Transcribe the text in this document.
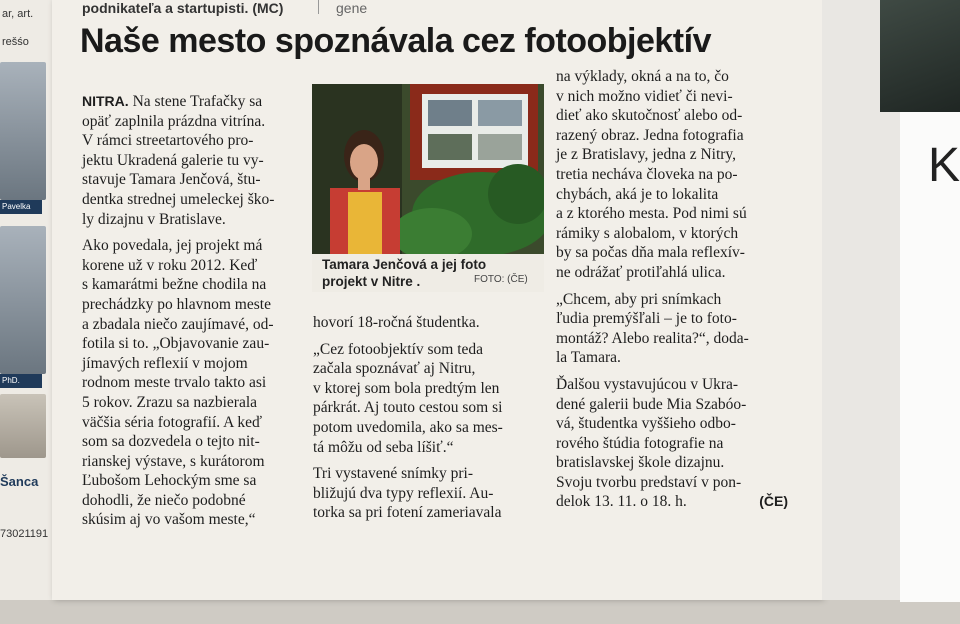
ar, art.
rešśo
Pavelka
PhD.
Šanca
73021191
K
podnikateľa a startupisti. (MC)	gene
Naše mesto spoznávala cez fotoobjektív
NITRA. Na stene Trafačky sa
opäť zaplnila prázdna vitrína.
V rámci streetartového pro-
jektu Ukradená galerie tu vy-
stavuje Tamara Jenčová, štu-
dentka strednej umeleckej ško-
ly dizajnu v Bratislave.
Ako povedala, jej projekt má
korene už v roku 2012. Keď
s kamarátmi bežne chodila na
prechádzky po hlavnom meste
a zbadala niečo zaujímavé, od-
fotila si to. „Objavovanie zau-
jímavých reflexií v mojom
rodnom meste trvalo takto asi
5 rokov. Zrazu sa nazbierala
väčšia séria fotografií. A keď
som sa dozvedela o tejto nit-
rianskej výstave, s kurátorom
Ľubošom Lehockým sme sa
dohodli, že niečo podobné
skúsim aj vo vašom meste,“
Tamara Jenčová a jej foto
projekt v Nitre .	FOTO: (ČE)
hovorí 18-ročná študentka.
„Cez fotoobjektív som teda
začala spoznávať aj Nitru,
v ktorej som bola predtým len
párkrát. Aj touto cestou som si
potom uvedomila, ako sa mes-
tá môžu od seba líšiť.“
Tri vystavené snímky pri-
bližujú dva typy reflexií. Au-
torka sa pri fotení zameriavala
na výklady, okná a na to, čo
v nich možno vidieť či nevi-
dieť ako skutočnosť alebo od-
razený obraz. Jedna fotografia
je z Bratislavy, jedna z Nitry,
tretia necháva človeka na po-
chybách, aká je to lokalita
a z ktorého mesta. Pod nimi sú
rámiky s alobalom, v ktorých
by sa počas dňa mala reflexív-
ne odrážať protiľahlá ulica.
„Chcem, aby pri snímkach
ľudia premýšľali – je to foto-
montáž? Alebo realita?“, doda-
la Tamara.
Ďalšou vystavujúcou v Ukra-
dené galerii bude Mia Szabóo-
vá, študentka vyššieho odbo-
rového štúdia fotografie na
bratislavskej škole dizajnu.
Svoju tvorbu predstaví v pon-
delok 13. 11. o 18. h.	(ČE)
